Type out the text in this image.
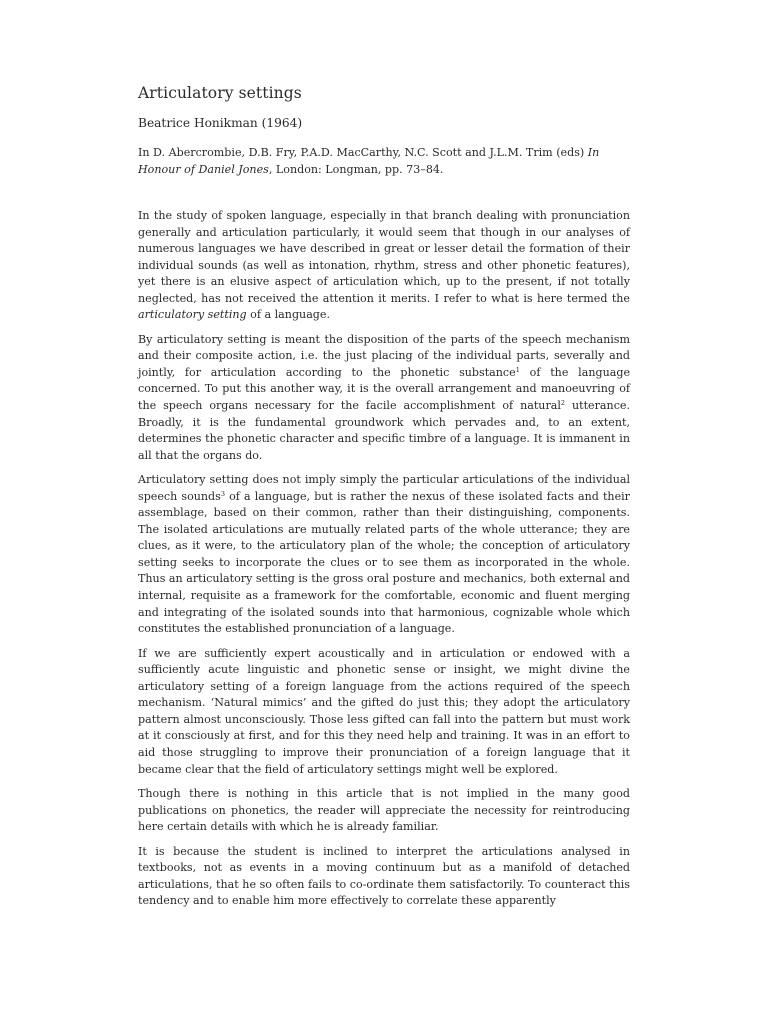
Articulatory settings
Beatrice Honikman (1964)
In D. Abercrombie, D.B. Fry, P.A.D. MacCarthy, N.C. Scott and J.L.M. Trim (eds) In Honour of Daniel Jones, London: Longman, pp. 73–84.

In the study of spoken language, especially in that branch dealing with pronunciation generally and articulation particularly, it would seem that though in our analyses of numerous languages we have described in great or lesser detail the formation of their individual sounds (as well as intonation, rhythm, stress and other phonetic features), yet there is an elusive aspect of articulation which, up to the present, if not totally neglected, has not received the attention it merits. I refer to what is here termed the articulatory setting of a language.

By articulatory setting is meant the disposition of the parts of the speech mechanism and their composite action, i.e. the just placing of the individual parts, severally and jointly, for articulation according to the phonetic substance$^1$ of the language concerned. To put this another way, it is the overall arrangement and manoeuvring of the speech organs necessary for the facile accomplishment of natural$^2$ utterance. Broadly, it is the fundamental groundwork which pervades and, to an extent, determines the phonetic character and specific timbre of a language. It is immanent in all that the organs do.

Articulatory setting does not imply simply the particular articulations of the individual speech sounds$^3$ of a language, but is rather the nexus of these isolated facts and their assemblage, based on their common, rather than their distinguishing, components. The isolated articulations are mutually related parts of the whole utterance; they are clues, as it were, to the articulatory plan of the whole; the conception of articulatory setting seeks to incorporate the clues or to see them as incorporated in the whole. Thus an articulatory setting is the gross oral posture and mechanics, both external and internal, requisite as a framework for the comfortable, economic and fluent merging and integrating of the isolated sounds into that harmonious, cognizable whole which constitutes the established pronunciation of a language.

If we are sufficiently expert acoustically and in articulation or endowed with a sufficiently acute linguistic and phonetic sense or insight, we might divine the articulatory setting of a foreign language from the actions required of the speech mechanism. ‘Natural mimics’ and the gifted do just this; they adopt the articulatory pattern almost unconsciously. Those less gifted can fall into the pattern but must work at it consciously at first, and for this they need help and training. It was in an effort to aid those struggling to improve their pronunciation of a foreign language that it became clear that the field of articulatory settings might well be explored.

Though there is nothing in this article that is not implied in the many good publications on phonetics, the reader will appreciate the necessity for reintroducing here certain details with which he is already familiar.

It is because the student is inclined to interpret the articulations analysed in textbooks, not as events in a moving continuum but as a manifold of detached articulations, that he so often fails to co-ordinate them satisfactorily. To counteract this tendency and to enable him more effectively to correlate these apparently
